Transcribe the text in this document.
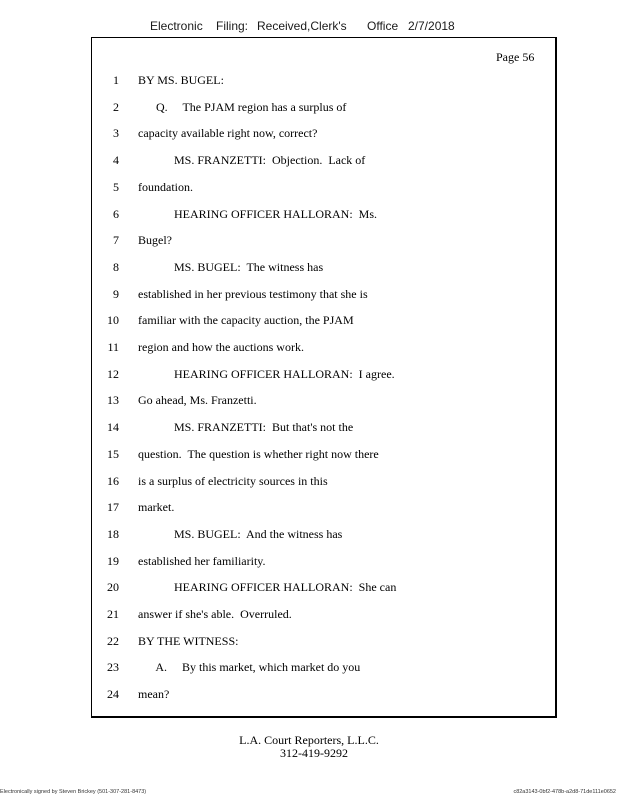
Electronic Filing: Received,Clerk's Office 2/7/2018
Page 56
1 BY MS. BUGEL:
2 Q.     The PJAM region has a surplus of
3 capacity available right now, correct?
4 MS. FRANZETTI:  Objection.  Lack of
5 foundation.
6 HEARING OFFICER HALLORAN:  Ms.
7 Bugel?
8 MS. BUGEL:  The witness has
9 established in her previous testimony that she is
10 familiar with the capacity auction, the PJAM
11 region and how the auctions work.
12 HEARING OFFICER HALLORAN:  I agree.
13 Go ahead, Ms. Franzetti.
14 MS. FRANZETTI:  But that's not the
15 question.  The question is whether right now there
16 is a surplus of electricity sources in this
17 market.
18 MS. BUGEL:  And the witness has
19 established her familiarity.
20 HEARING OFFICER HALLORAN:  She can
21 answer if she's able.  Overruled.
22 BY THE WITNESS:
23 A.     By this market, which market do you
24 mean?
L.A. Court Reporters, L.L.C.
312-419-9292
Electronically signed by Steven Brickey (501-307-281-8473)	c82a3143-0bf2-478b-a2d8-71de111e0652
